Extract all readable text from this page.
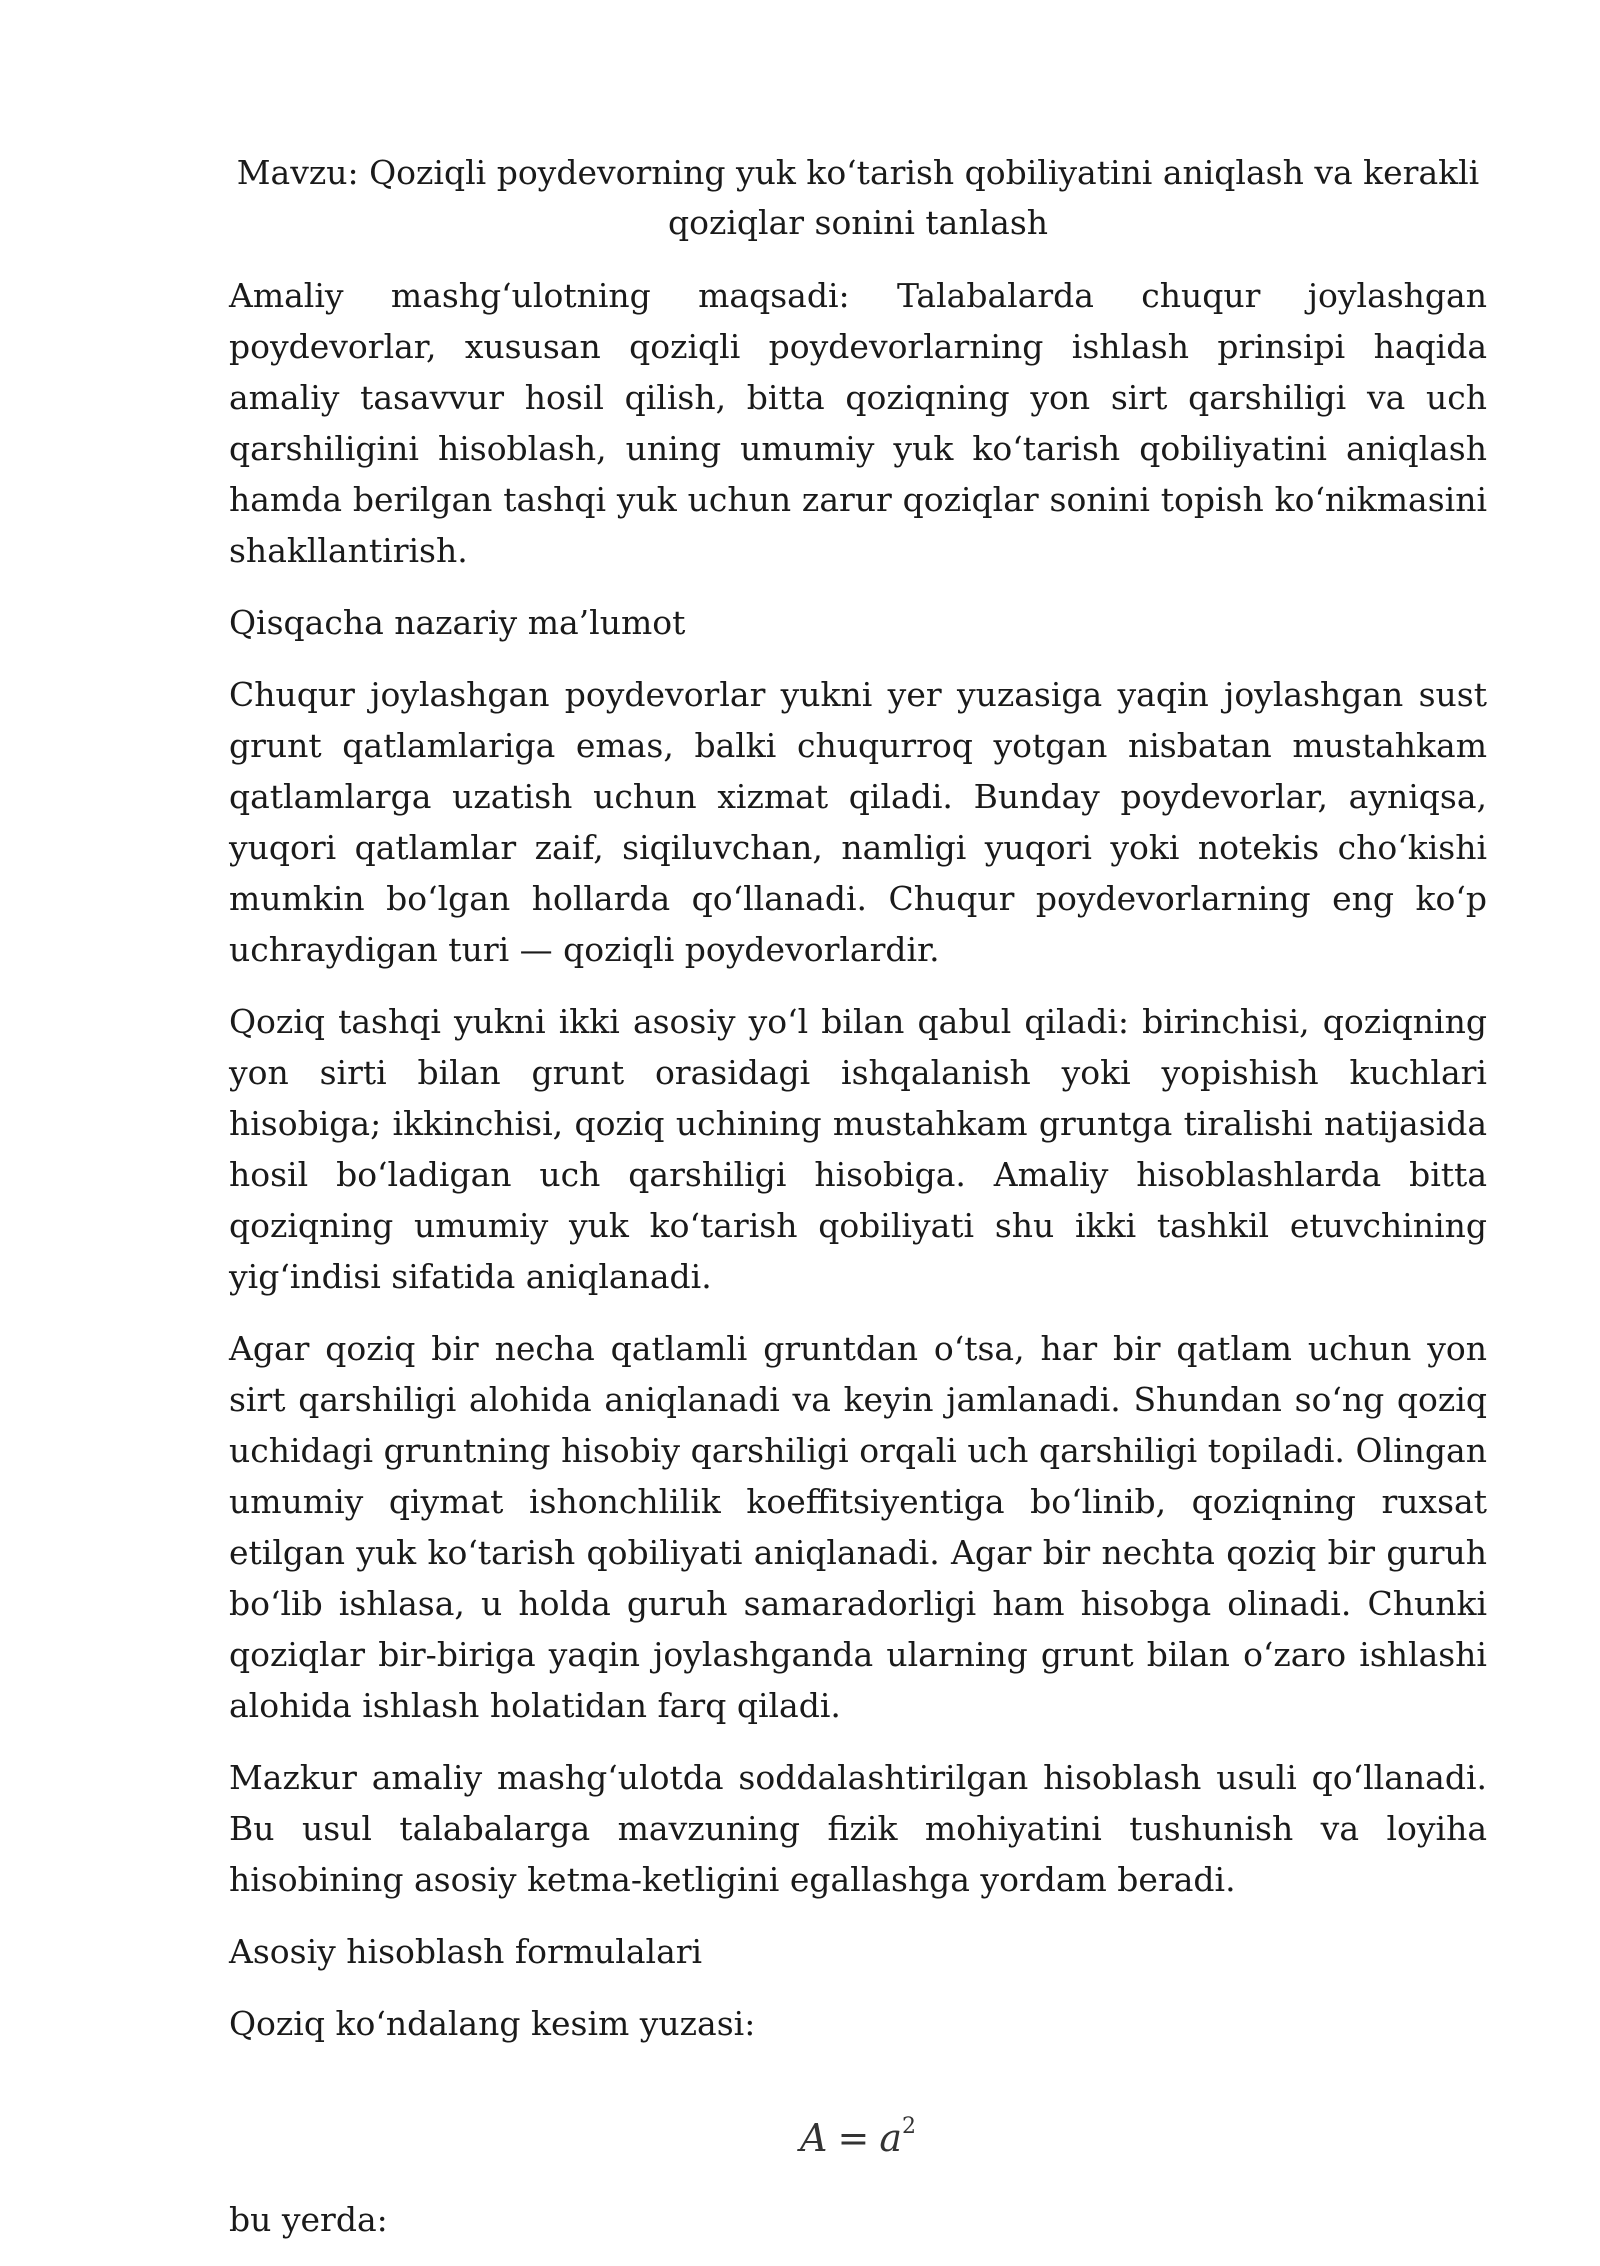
Mavzu: Qoziqli poydevorning yuk ko‘tarish qobiliyatini aniqlash va kerakli
qoziqlar sonini tanlash

Amaliy mashg‘ulotning maqsadi: Talabalarda chuqur joylashgan poydevorlar, xususan qoziqli poydevorlarning ishlash prinsipi haqida amaliy tasavvur hosil qilish, bitta qoziqning yon sirt qarshiligi va uch qarshiligini hisoblash, uning umumiy yuk ko‘tarish qobiliyatini aniqlash hamda berilgan tashqi yuk uchun zarur qoziqlar sonini topish ko‘nikmasini shakllantirish.

Qisqacha nazariy ma’lumot

Chuqur joylashgan poydevorlar yukni yer yuzasiga yaqin joylashgan sust grunt qatlamlariga emas, balki chuqurroq yotgan nisbatan mustahkam qatlamlarga uzatish uchun xizmat qiladi. Bunday poydevorlar, ayniqsa, yuqori qatlamlar zaif, siqiluvchan, namligi yuqori yoki notekis cho‘kishi mumkin bo‘lgan hollarda qo‘llanadi. Chuqur poydevorlarning eng ko‘p uchraydigan turi — qoziqli poydevorlardir.

Qoziq tashqi yukni ikki asosiy yo‘l bilan qabul qiladi: birinchisi, qoziqning yon sirti bilan grunt orasidagi ishqalanish yoki yopishish kuchlari hisobiga; ikkinchisi, qoziq uchining mustahkam gruntga tiralishi natijasida hosil bo‘ladigan uch qarshiligi hisobiga. Amaliy hisoblashlarda bitta qoziqning umumiy yuk ko‘tarish qobiliyati shu ikki tashkil etuvchining yig‘indisi sifatida aniqlanadi.

Agar qoziq bir necha qatlamli gruntdan o‘tsa, har bir qatlam uchun yon sirt qarshiligi alohida aniqlanadi va keyin jamlanadi. Shundan so‘ng qoziq uchidagi gruntning hisobiy qarshiligi orqali uch qarshiligi topiladi. Olingan umumiy qiymat ishonchlilik koeffitsiyentiga bo‘linib, qoziqning ruxsat etilgan yuk ko‘tarish qobiliyati aniqlanadi. Agar bir nechta qoziq bir guruh bo‘lib ishlasa, u holda guruh samaradorligi ham hisobga olinadi. Chunki qoziqlar bir-biriga yaqin joylashganda ularning grunt bilan o‘zaro ishlashi alohida ishlash holatidan farq qiladi.

Mazkur amaliy mashg‘ulotda soddalashtirilgan hisoblash usuli qo‘llanadi. Bu usul talabalarga mavzuning fizik mohiyatini tushunish va loyiha hisobining asosiy ketma-ketligini egallashga yordam beradi.

Asosiy hisoblash formulalari

Qoziq ko‘ndalang kesim yuzasi:

$A = a^2$

bu yerda:
